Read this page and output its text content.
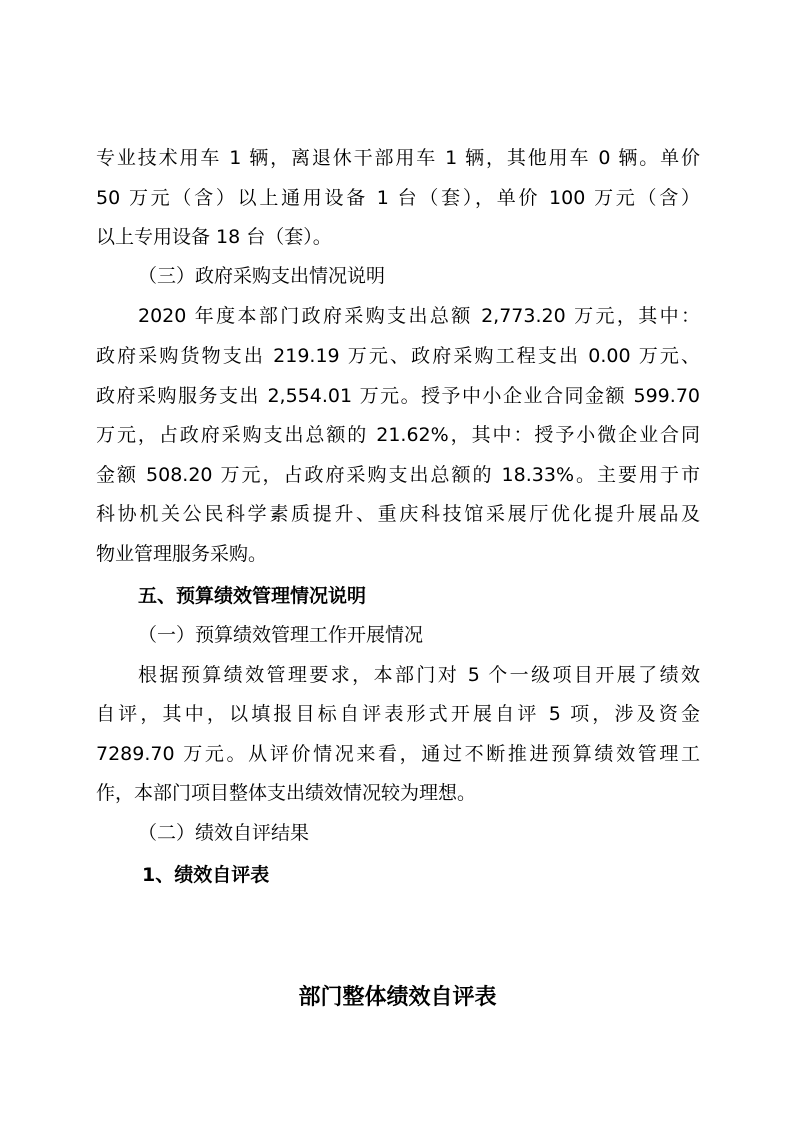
专业技术用车 1 辆，离退休干部用车 1 辆，其他用车 0 辆。单价
50 万元（含）以上通用设备 1 台（套），单价 100 万元（含）
以上专用设备 18 台（套）。
（三）政府采购支出情况说明
2020 年度本部门政府采购支出总额 2,773.20 万元，其中：
政府采购货物支出 219.19 万元、政府采购工程支出 0.00 万元、
政府采购服务支出 2,554.01 万元。授予中小企业合同金额 599.70
万元，占政府采购支出总额的 21.62%，其中：授予小微企业合同
金额 508.20 万元，占政府采购支出总额的 18.33%。主要用于市
科协机关公民科学素质提升、重庆科技馆采展厅优化提升展品及
物业管理服务采购。
五、预算绩效管理情况说明
（一）预算绩效管理工作开展情况
根据预算绩效管理要求，本部门对 5 个一级项目开展了绩效
自评，其中，以填报目标自评表形式开展自评 5 项，涉及资金
7289.70 万元。从评价情况来看，通过不断推进预算绩效管理工
作，本部门项目整体支出绩效情况较为理想。
（二）绩效自评结果
1、绩效自评表
部门整体绩效自评表
